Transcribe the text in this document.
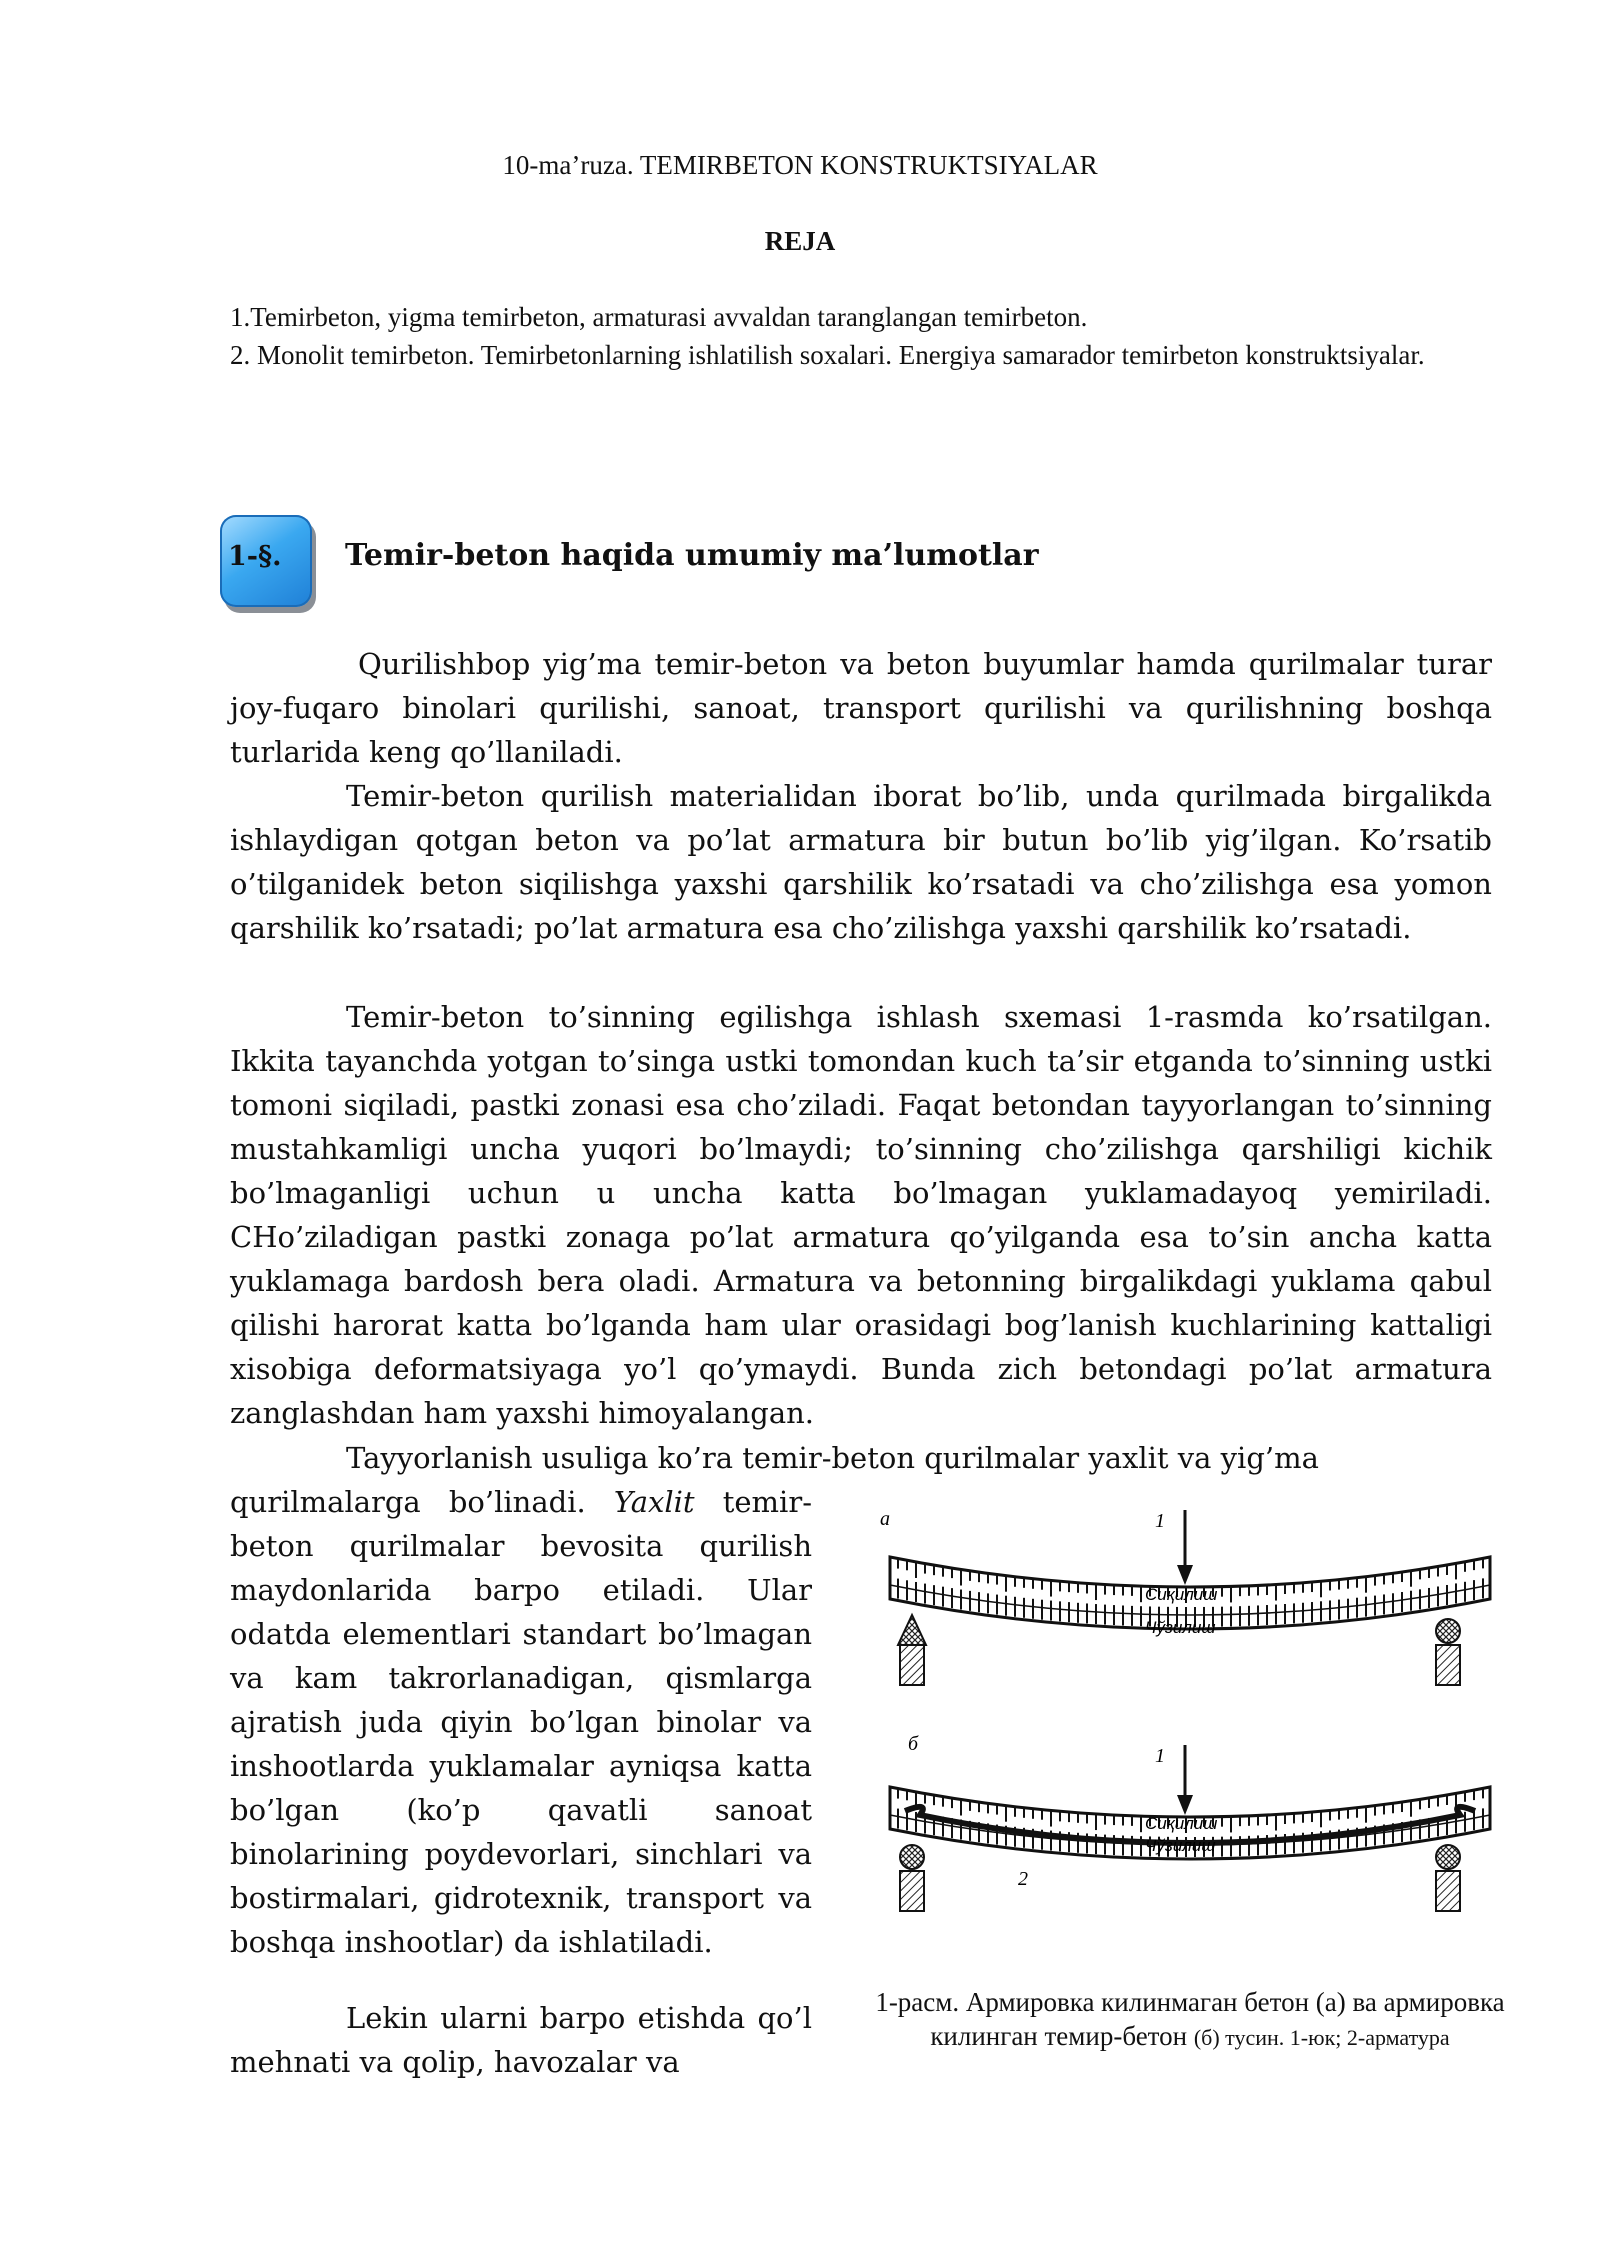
10-ma’ruza. TEMIRBETON KONSTRUKTSIYALAR
REJA

1.Temirbeton, yigma temirbeton, armaturasi avvaldan taranglangan temirbeton.

2. Monolit temirbeton. Temirbetonlarning ishlatilish soxalari. Energiya samarador temirbeton konstruktsiyalar.

1-§. Temir-beton haqida umumiy ma’lumotlar

Qurilishbop yig’ma temir-beton va beton buyumlar hamda qurilmalar turar joy-fuqaro binolari qurilishi, sanoat, transport qurilishi va qurilishning boshqa turlarida keng qo’llaniladi.

Temir-beton qurilish materialidan iborat bo’lib, unda qurilmada birgalikda ishlaydigan qotgan beton va po’lat armatura bir butun bo’lib yig’ilgan. Ko’rsatib o’tilganidek beton siqilishga yaxshi qarshilik ko’rsatadi va cho’zilishga esa yomon qarshilik ko’rsatadi; po’lat armatura esa cho’zilishga yaxshi qarshilik ko’rsatadi.

Temir-beton to’sinning egilishga ishlash sxemasi 1-rasmda ko’rsatilgan. Ikkita tayanchda yotgan to’singa ustki tomondan kuch ta’sir etganda to’sinning ustki tomoni siqiladi, pastki zonasi esa cho’ziladi. Faqat betondan tayyorlangan to’sinning mustahkamligi uncha yuqori bo’lmaydi; to’sinning cho’zilishga qarshiligi kichik bo’lmaganligi uchun u uncha katta bo’lmagan yuklamadayoq yemiriladi. CHo’ziladigan pastki zonaga po’lat armatura qo’yilganda esa to’sin ancha katta yuklamaga bardosh bera oladi. Armatura va betonning birgalikdagi yuklama qabul qilishi harorat katta bo’lganda ham ular orasidagi bog’lanish kuchlarining kattaligi xisobiga deformatsiyaga yo’l qo’ymaydi. Bunda zich betondagi po’lat armatura zanglashdan ham yaxshi himoyalangan.

Tayyorlanish usuliga ko’ra temir-beton qurilmalar yaxlit va yig’ma

qurilmalarga bo’linadi. Yaxlit temir-beton qurilmalar bevosita qurilish maydonlarida barpo etiladi. Ular odatda elementlari standart bo’lmagan va kam takrorlanadigan, qismlarga ajratish juda qiyin bo’lgan binolar va inshootlarda yuklamalar ayniqsa katta bo’lgan (ko’p qavatli sanoat binolarining poydevorlari, sinchlari va bostirmalari, gidrotexnik, transport va boshqa inshootlar) da ishlatiladi.

Lekin ularni barpo etishda qo’l mehnati va qolip, havozalar va

a	1
Сиқилиш
Чўзилиш
б
1
Сиқилиш
Чўзилиш
2
1-расм. Армировка килинмаган бетон (а) ва армировка килинган темир-бетон (б) тусин. 1-юк; 2-арматура
